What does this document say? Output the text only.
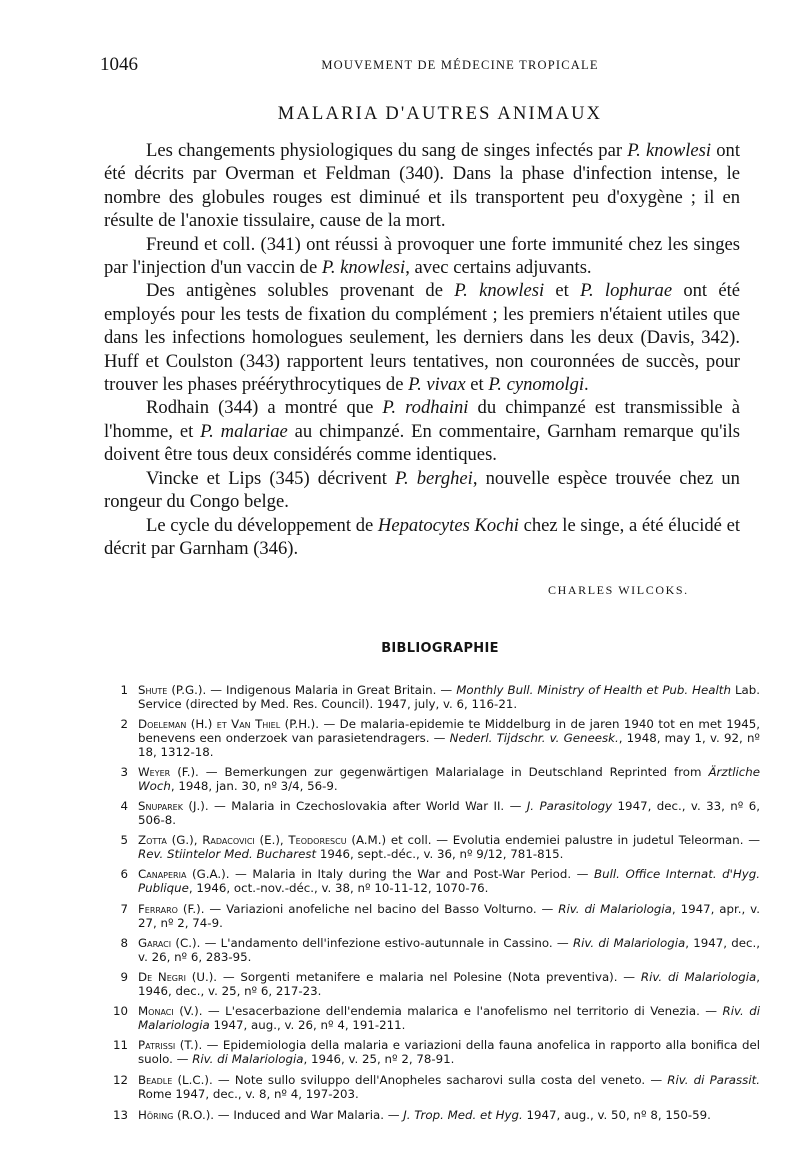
1046	MOUVEMENT DE MÉDECINE TROPICALE
MALARIA D'AUTRES ANIMAUX

Les changements physiologiques du sang de singes infectés par P. knowlesi ont été décrits par Overman et Feldman (340). Dans la phase d'infection intense, le nombre des globules rouges est diminué et ils transportent peu d'oxygène ; il en résulte de l'anoxie tissulaire, cause de la mort.

Freund et coll. (341) ont réussi à provoquer une forte immunité chez les singes par l'injection d'un vaccin de P. knowlesi, avec certains adjuvants.

Des antigènes solubles provenant de P. knowlesi et P. lophurae ont été employés pour les tests de fixation du complément ; les premiers n'étaient utiles que dans les infections homologues seulement, les derniers dans les deux (Davis, 342). Huff et Coulston (343) rapportent leurs tentatives, non couronnées de succès, pour trouver les phases préérythrocytiques de P. vivax et P. cynomolgi.

Rodhain (344) a montré que P. rodhaini du chimpanzé est transmissible à l'homme, et P. malariae au chimpanzé. En commentaire, Garnham remarque qu'ils doivent être tous deux considérés comme identiques.

Vincke et Lips (345) décrivent P. berghei, nouvelle espèce trouvée chez un rongeur du Congo belge.

Le cycle du développement de Hepatocytes Kochi chez le singe, a été élucidé et décrit par Garnham (346).

CHARLES WILCOKS.
BIBLIOGRAPHIE
1 Shute (P.G.). — Indigenous Malaria in Great Britain. — Monthly Bull. Ministry of Health et Pub. Health Lab. Service (directed by Med. Res. Council). 1947, july, v. 6, 116-21.
2 Doeleman (H.) et Van Thiel (P.H.). — De malaria-epidemie te Middelburg in de jaren 1940 tot en met 1945, benevens een onderzoek van parasietendragers. — Nederl. Tijdschr. v. Geneesk., 1948, may 1, v. 92, nº 18, 1312-18.
3 Weyer (F.). — Bemerkungen zur gegenwärtigen Malarialage in Deutschland Reprinted from Ärztliche Woch, 1948, jan. 30, nº 3/4, 56-9.
4 Snuparek (J.). — Malaria in Czechoslovakia after World War II. — J. Parasitology 1947, dec., v. 33, nº 6, 506-8.
5 Zotta (G.), Radacovici (E.), Teodorescu (A.M.) et coll. — Evolutia endemiei palustre in judetul Teleorman. — Rev. Stiintelor Med. Bucharest 1946, sept.-déc., v. 36, nº 9/12, 781-815.
6 Canaperia (G.A.). — Malaria in Italy during the War and Post-War Period. — Bull. Office Internat. d'Hyg. Publique, 1946, oct.-nov.-déc., v. 38, nº 10-11-12, 1070-76.
7 Ferraro (F.). — Variazioni anofeliche nel bacino del Basso Volturno. — Riv. di Malariologia, 1947, apr., v. 27, nº 2, 74-9.
8 Garaci (C.). — L'andamento dell'infezione estivo-autunnale in Cassino. — Riv. di Malariologia, 1947, dec., v. 26, nº 6, 283-95.
9 De Negri (U.). — Sorgenti metanifere e malaria nel Polesine (Nota preventiva). — Riv. di Malariologia, 1946, dec., v. 25, nº 6, 217-23.
10 Monaci (V.). — L'esacerbazione dell'endemia malarica e l'anofelismo nel territorio di Venezia. — Riv. di Malariologia 1947, aug., v. 26, nº 4, 191-211.
11 Patrissi (T.). — Epidemiologia della malaria e variazioni della fauna anofelica in rapporto alla bonifica del suolo. — Riv. di Malariologia, 1946, v. 25, nº 2, 78-91.
12 Beadle (L.C.). — Note sullo sviluppo dell'Anopheles sacharovi sulla costa del veneto. — Riv. di Parassit. Rome 1947, dec., v. 8, nº 4, 197-203.
13 Höring (R.O.). — Induced and War Malaria. — J. Trop. Med. et Hyg. 1947, aug., v. 50, nº 8, 150-59.
